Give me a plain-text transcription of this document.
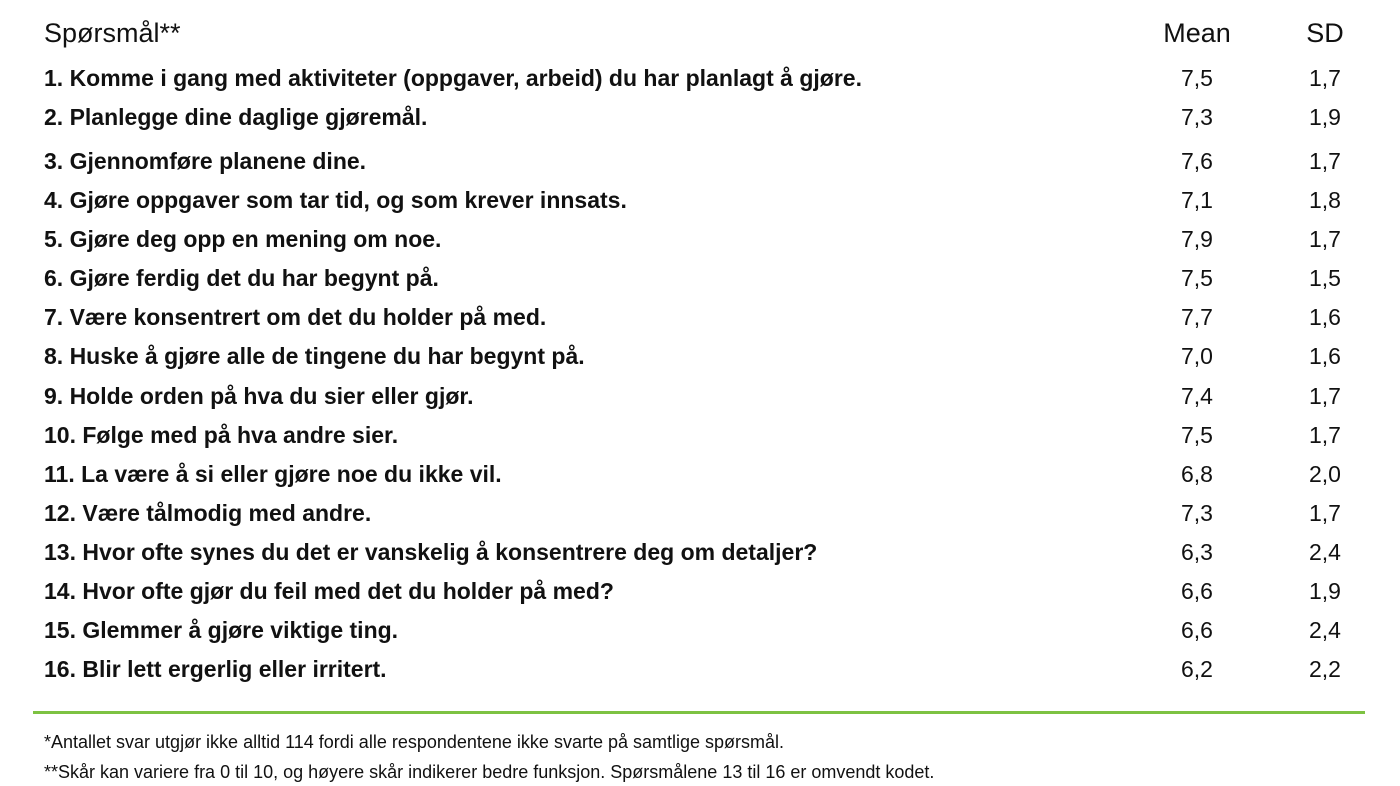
Spørsmål**	Mean	SD
1. Komme i gang med aktiviteter (oppgaver, arbeid) du har planlagt å gjøre.	7,5	1,7
2. Planlegge dine daglige gjøremål.	7,3	1,9
3. Gjennomføre planene dine.	7,6	1,7
4. Gjøre oppgaver som tar tid, og som krever innsats.	7,1	1,8
5. Gjøre deg opp en mening om noe.	7,9	1,7
6. Gjøre ferdig det du har begynt på.	7,5	1,5
7. Være konsentrert om det du holder på med.	7,7	1,6
8. Huske å gjøre alle de tingene du har begynt på.	7,0	1,6
9. Holde orden på hva du sier eller gjør.	7,4	1,7
10. Følge med på hva andre sier.	7,5	1,7
11. La være å si eller gjøre noe du ikke vil.	6,8	2,0
12. Være tålmodig med andre.	7,3	1,7
13. Hvor ofte synes du det er vanskelig å konsentrere deg om detaljer?	6,3	2,4
14. Hvor ofte gjør du feil med det du holder på med?	6,6	1,9
15. Glemmer å gjøre viktige ting.	6,6	2,4
16. Blir lett ergerlig eller irritert.	6,2	2,2
*Antallet svar utgjør ikke alltid 114 fordi alle respondentene ikke svarte på samtlige spørsmål.
**Skår kan variere fra 0 til 10, og høyere skår indikerer bedre funksjon. Spørsmålene 13 til 16 er omvendt kodet.
